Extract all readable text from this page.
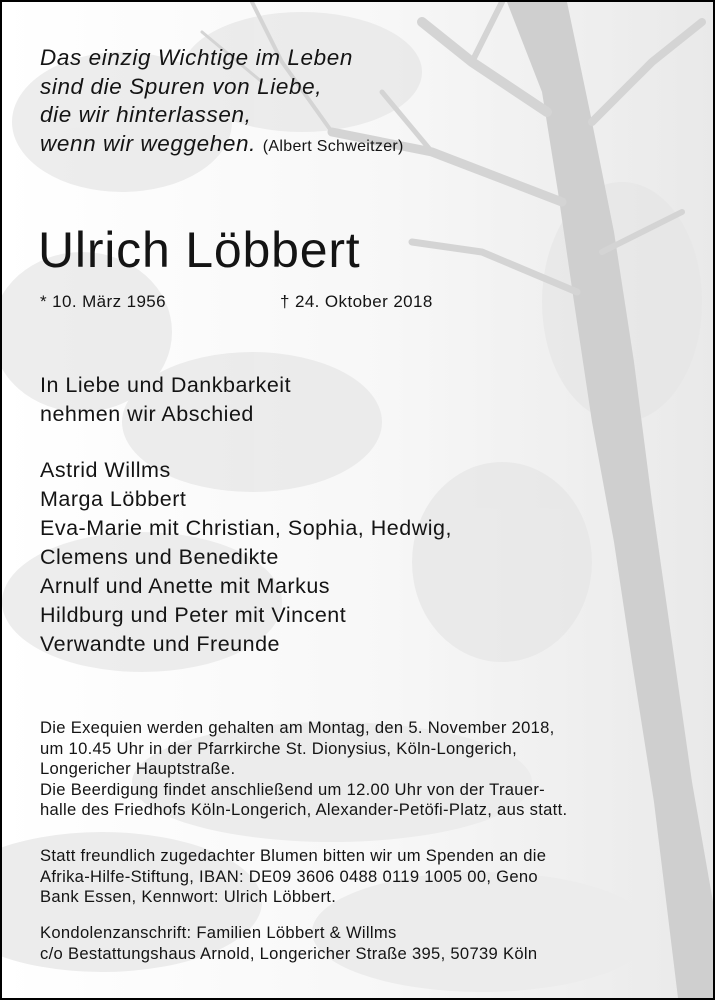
Das einzig Wichtige im Leben
sind die Spuren von Liebe,
die wir hinterlassen,
wenn wir weggehen. (Albert Schweitzer)
Ulrich Löbbert
* 10. März 1956	† 24. Oktober 2018
In Liebe und Dankbarkeit
nehmen wir Abschied
Astrid Willms
Marga Löbbert
Eva-Marie mit Christian, Sophia, Hedwig,
Clemens und Benedikte
Arnulf und Anette mit Markus
Hildburg und Peter mit Vincent
Verwandte und Freunde
Die Exequien werden gehalten am Montag, den 5. November 2018,
um 10.45 Uhr in der Pfarrkirche St. Dionysius, Köln-Longerich,
Longericher Hauptstraße.
Die Beerdigung findet anschließend um 12.00 Uhr von der Trauer-
halle des Friedhofs Köln-Longerich, Alexander-Petöfi-Platz, aus statt.
Statt freundlich zugedachter Blumen bitten wir um Spenden an die
Afrika-Hilfe-Stiftung, IBAN: DE09 3606 0488 0119 1005 00, Geno
Bank Essen, Kennwort: Ulrich Löbbert.
Kondolenzanschrift: Familien Löbbert & Willms
c/o Bestattungshaus Arnold, Longericher Straße 395, 50739 Köln
